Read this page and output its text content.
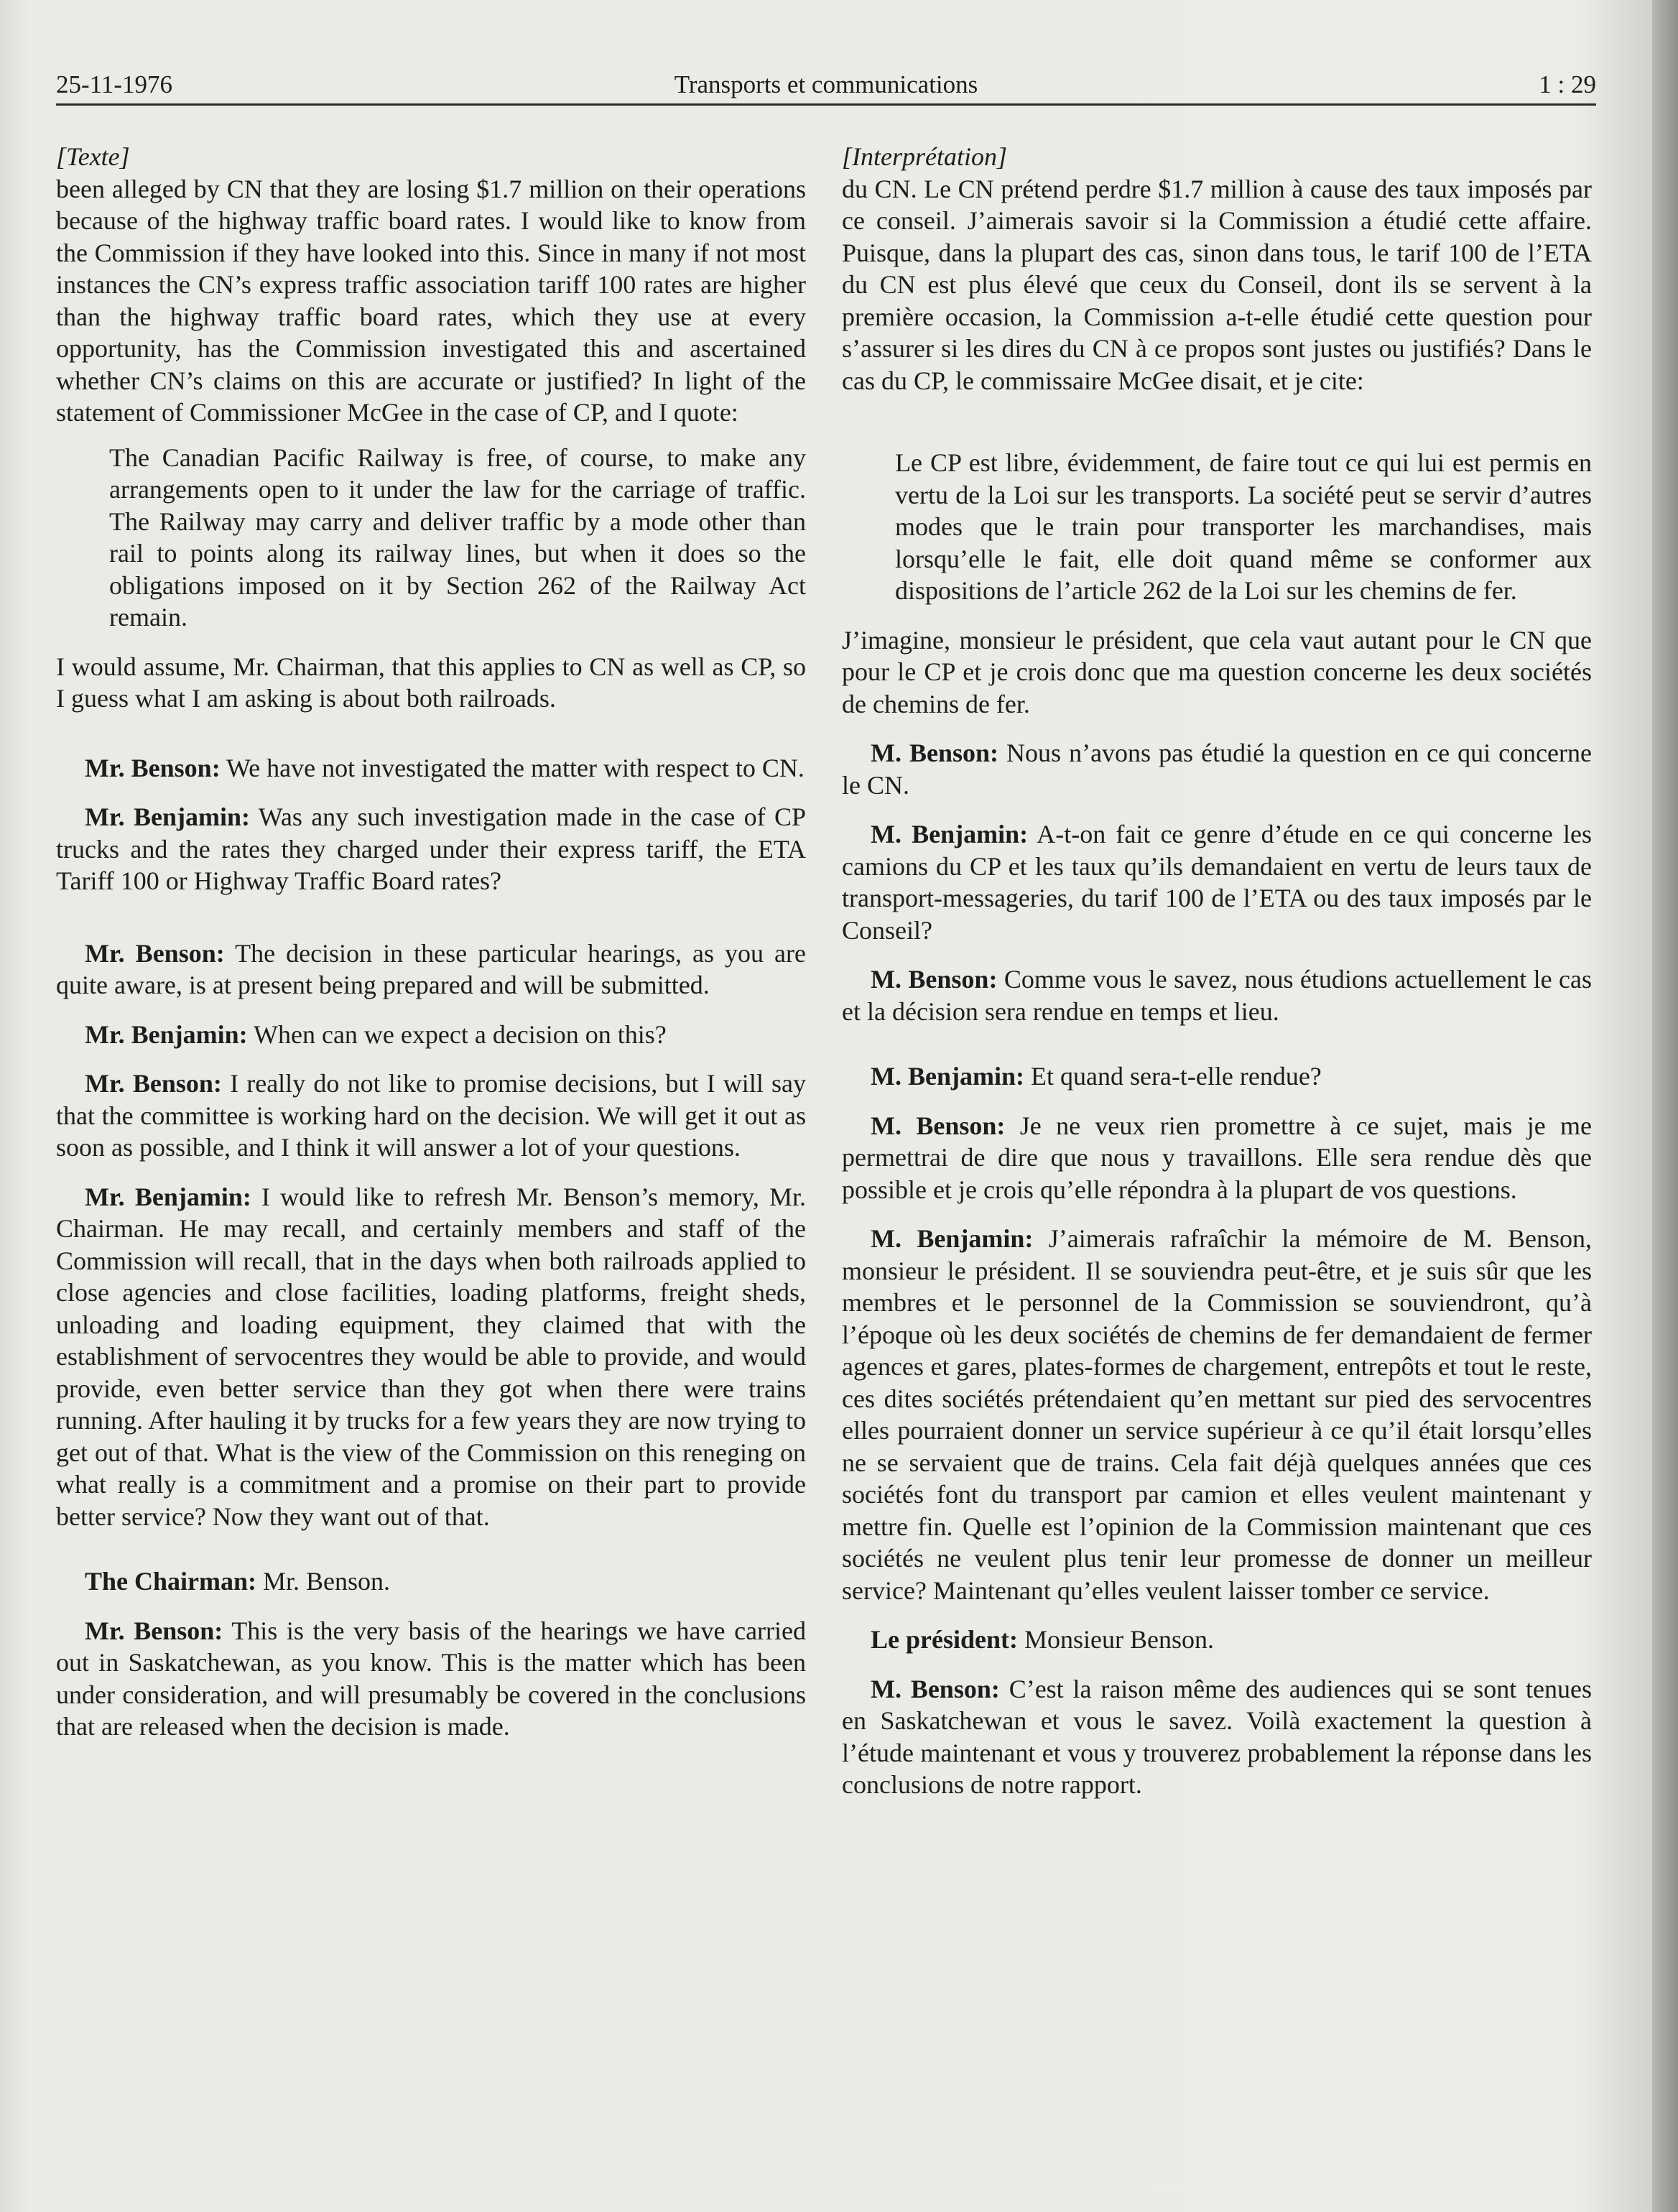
25-11-1976	Transports et communications	1 : 29

[Texte]

been alleged by CN that they are losing $1.7 million on their operations because of the highway traffic board rates. I would like to know from the Commission if they have looked into this. Since in many if not most instances the CN’s express traffic association tariff 100 rates are higher than the highway traffic board rates, which they use at every opportunity, has the Commission investigated this and ascertained whether CN’s claims on this are accurate or justified? In light of the statement of Commissioner McGee in the case of CP, and I quote:

The Canadian Pacific Railway is free, of course, to make any arrangements open to it under the law for the carriage of traffic. The Railway may carry and deliver traffic by a mode other than rail to points along its railway lines, but when it does so the obligations imposed on it by Section 262 of the Railway Act remain.

I would assume, Mr. Chairman, that this applies to CN as well as CP, so I guess what I am asking is about both railroads.

Mr. Benson: We have not investigated the matter with respect to CN.

Mr. Benjamin: Was any such investigation made in the case of CP trucks and the rates they charged under their express tariff, the ETA Tariff 100 or Highway Traffic Board rates?

Mr. Benson: The decision in these particular hearings, as you are quite aware, is at present being prepared and will be submitted.

Mr. Benjamin: When can we expect a decision on this?

Mr. Benson: I really do not like to promise decisions, but I will say that the committee is working hard on the decision. We will get it out as soon as possible, and I think it will answer a lot of your questions.

Mr. Benjamin: I would like to refresh Mr. Benson’s memory, Mr. Chairman. He may recall, and certainly members and staff of the Commission will recall, that in the days when both railroads applied to close agencies and close facilities, loading platforms, freight sheds, unloading and loading equipment, they claimed that with the establishment of servocentres they would be able to provide, and would provide, even better service than they got when there were trains running. After hauling it by trucks for a few years they are now trying to get out of that. What is the view of the Commission on this reneging on what really is a commitment and a promise on their part to provide better service? Now they want out of that.

The Chairman: Mr. Benson.

Mr. Benson: This is the very basis of the hearings we have carried out in Saskatchewan, as you know. This is the matter which has been under consideration, and will presumably be covered in the conclusions that are released when the decision is made.

[Interprétation]

du CN. Le CN prétend perdre $1.7 million à cause des taux imposés par ce conseil. J’aimerais savoir si la Commission a étudié cette affaire. Puisque, dans la plupart des cas, sinon dans tous, le tarif 100 de l’ETA du CN est plus élevé que ceux du Conseil, dont ils se servent à la première occasion, la Commission a-t-elle étudié cette question pour s’assurer si les dires du CN à ce propos sont justes ou justifiés? Dans le cas du CP, le commissaire McGee disait, et je cite:

Le CP est libre, évidemment, de faire tout ce qui lui est permis en vertu de la Loi sur les transports. La société peut se servir d’autres modes que le train pour transporter les marchandises, mais lorsqu’elle le fait, elle doit quand même se conformer aux dispositions de l’article 262 de la Loi sur les chemins de fer.

J’imagine, monsieur le président, que cela vaut autant pour le CN que pour le CP et je crois donc que ma question concerne les deux sociétés de chemins de fer.

M. Benson: Nous n’avons pas étudié la question en ce qui concerne le CN.

M. Benjamin: A-t-on fait ce genre d’étude en ce qui concerne les camions du CP et les taux qu’ils demandaient en vertu de leurs taux de transport-messageries, du tarif 100 de l’ETA ou des taux imposés par le Conseil?

M. Benson: Comme vous le savez, nous étudions actuellement le cas et la décision sera rendue en temps et lieu.

M. Benjamin: Et quand sera-t-elle rendue?

M. Benson: Je ne veux rien promettre à ce sujet, mais je me permettrai de dire que nous y travaillons. Elle sera rendue dès que possible et je crois qu’elle répondra à la plupart de vos questions.

M. Benjamin: J’aimerais rafraîchir la mémoire de M. Benson, monsieur le président. Il se souviendra peut-être, et je suis sûr que les membres et le personnel de la Commission se souviendront, qu’à l’époque où les deux sociétés de chemins de fer demandaient de fermer agences et gares, plates-formes de chargement, entrepôts et tout le reste, ces dites sociétés prétendaient qu’en mettant sur pied des servocentres elles pourraient donner un service supérieur à ce qu’il était lorsqu’elles ne se servaient que de trains. Cela fait déjà quelques années que ces sociétés font du transport par camion et elles veulent maintenant y mettre fin. Quelle est l’opinion de la Commission maintenant que ces sociétés ne veulent plus tenir leur promesse de donner un meilleur service? Maintenant qu’elles veulent laisser tomber ce service.

Le président: Monsieur Benson.

M. Benson: C’est la raison même des audiences qui se sont tenues en Saskatchewan et vous le savez. Voilà exactement la question à l’étude maintenant et vous y trouverez probablement la réponse dans les conclusions de notre rapport.
